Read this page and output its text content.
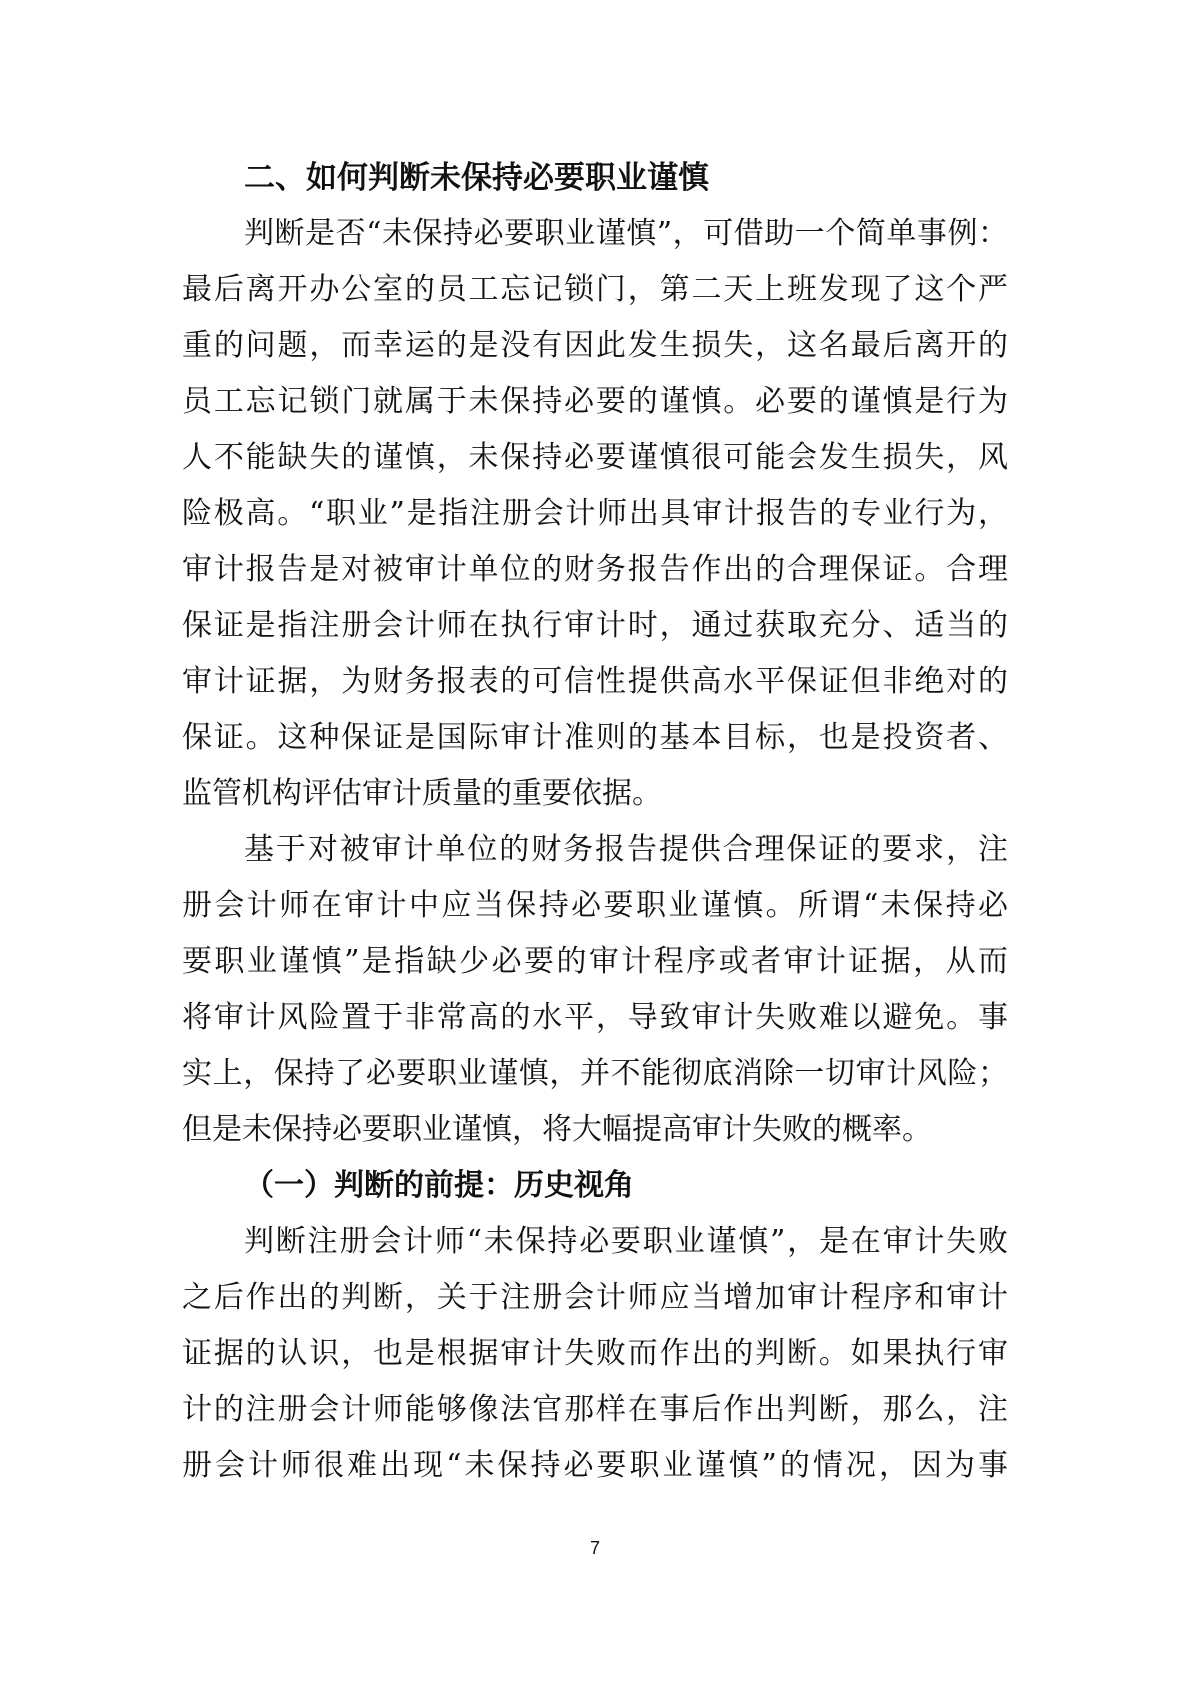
二、如何判断未保持必要职业谨慎
判断是否“未保持必要职业谨慎”，可借助一个简单事例：
最后离开办公室的员工忘记锁门，第二天上班发现了这个严
重的问题，而幸运的是没有因此发生损失，这名最后离开的
员工忘记锁门就属于未保持必要的谨慎。必要的谨慎是行为
人不能缺失的谨慎，未保持必要谨慎很可能会发生损失，风
险极高。“职业”是指注册会计师出具审计报告的专业行为，
审计报告是对被审计单位的财务报告作出的合理保证。合理
保证是指注册会计师在执行审计时，通过获取充分、适当的
审计证据，为财务报表的可信性提供高水平保证但非绝对的
保证。这种保证是国际审计准则的基本目标，也是投资者、
监管机构评估审计质量的重要依据。
基于对被审计单位的财务报告提供合理保证的要求，注
册会计师在审计中应当保持必要职业谨慎。所谓“未保持必
要职业谨慎”是指缺少必要的审计程序或者审计证据，从而
将审计风险置于非常高的水平，导致审计失败难以避免。事
实上，保持了必要职业谨慎，并不能彻底消除一切审计风险；
但是未保持必要职业谨慎，将大幅提高审计失败的概率。
（一）判断的前提：历史视角
判断注册会计师“未保持必要职业谨慎”，是在审计失败
之后作出的判断，关于注册会计师应当增加审计程序和审计
证据的认识，也是根据审计失败而作出的判断。如果执行审
计的注册会计师能够像法官那样在事后作出判断，那么，注
册会计师很难出现“未保持必要职业谨慎”的情况，因为事
7
